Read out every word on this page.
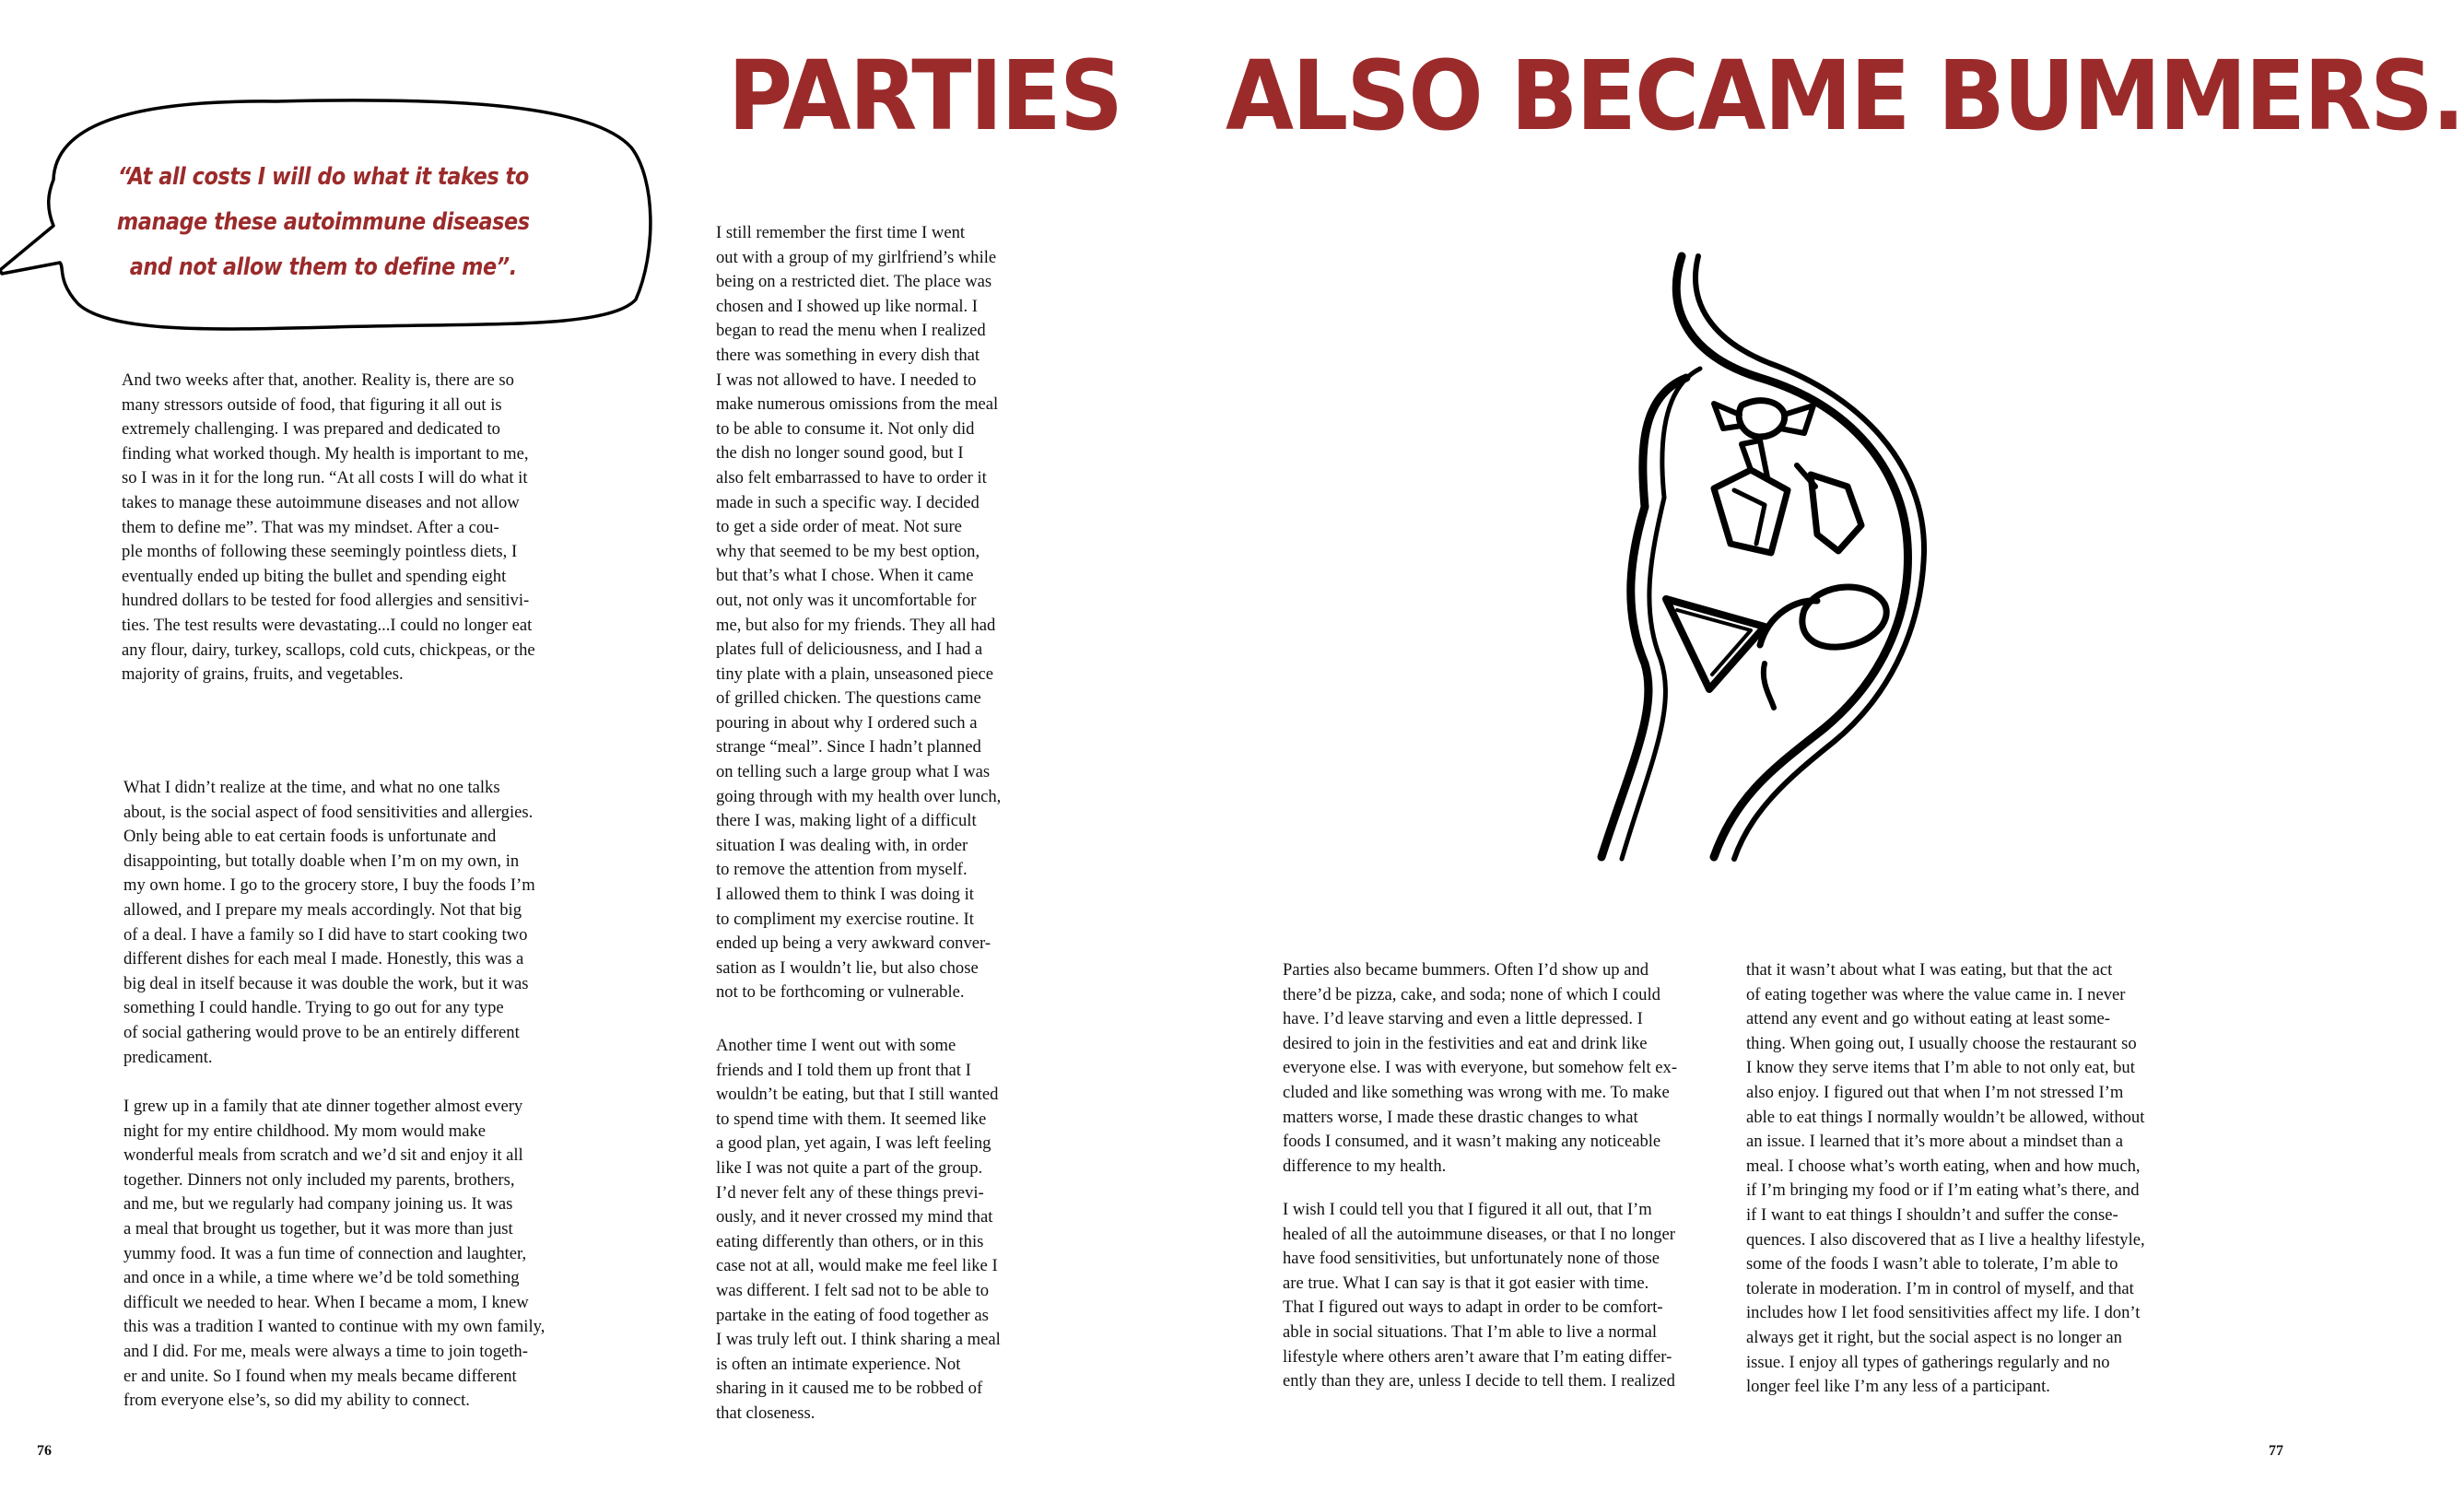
“At all costs I will do what it takes to manage these autoimmune diseases and not allow them to define me”.
PARTIES

And two weeks after that, another. Reality is, there are so
many stressors outside of food, that figuring it all out is
extremely challenging. I was prepared and dedicated to
finding what worked though. My health is important to me,
so I was in it for the long run. “At all costs I will do what it
takes to manage these autoimmune diseases and not allow
them to define me”. That was my mindset. After a cou-
ple months of following these seemingly pointless diets, I
eventually ended up biting the bullet and spending eight
hundred dollars to be tested for food allergies and sensitivi-
ties. The test results were devastating...I could no longer eat
any flour, dairy, turkey, scallops, cold cuts, chickpeas, or the
majority of grains, fruits, and vegetables.

What I didn’t realize at the time, and what no one talks
about, is the social aspect of food sensitivities and allergies.
Only being able to eat certain foods is unfortunate and
disappointing, but totally doable when I’m on my own, in
my own home. I go to the grocery store, I buy the foods I’m
allowed, and I prepare my meals accordingly. Not that big
of a deal. I have a family so I did have to start cooking two
different dishes for each meal I made. Honestly, this was a
big deal in itself because it was double the work, but it was
something I could handle. Trying to go out for any type
of social gathering would prove to be an entirely different
predicament.

I grew up in a family that ate dinner together almost every
night for my entire childhood. My mom would make
wonderful meals from scratch and we’d sit and enjoy it all
together. Dinners not only included my parents, brothers,
and me, but we regularly had company joining us. It was
a meal that brought us together, but it was more than just
yummy food. It was a fun time of connection and laughter,
and once in a while, a time where we’d be told something
difficult we needed to hear. When I became a mom, I knew
this was a tradition I wanted to continue with my own family,
and I did. For me, meals were always a time to join togeth-
er and unite. So I found when my meals became different
from everyone else’s, so did my ability to connect.

I still remember the first time I went
out with a group of my girlfriend’s while
being on a restricted diet. The place was
chosen and I showed up like normal. I
began to read the menu when I realized
there was something in every dish that
I was not allowed to have. I needed to
make numerous omissions from the meal
to be able to consume it. Not only did
the dish no longer sound good, but I
also felt embarrassed to have to order it
made in such a specific way. I decided
to get a side order of meat. Not sure
why that seemed to be my best option,
but that’s what I chose. When it came
out, not only was it uncomfortable for
me, but also for my friends. They all had
plates full of deliciousness, and I had a
tiny plate with a plain, unseasoned piece
of grilled chicken. The questions came
pouring in about why I ordered such a
strange “meal”. Since I hadn’t planned
on telling such a large group what I was
going through with my health over lunch,
there I was, making light of a difficult
situation I was dealing with, in order
to remove the attention from myself.
I allowed them to think I was doing it
to compliment my exercise routine. It
ended up being a very awkward conver-
sation as I wouldn’t lie, but also chose
not to be forthcoming or vulnerable.

Another time I went out with some
friends and I told them up front that I
wouldn’t be eating, but that I still wanted
to spend time with them. It seemed like
a good plan, yet again, I was left feeling
like I was not quite a part of the group.
I’d never felt any of these things previ-
ously, and it never crossed my mind that
eating differently than others, or in this
case not at all, would make me feel like I
was different. I felt sad not to be able to
partake in the eating of food together as
I was truly left out. I think sharing a meal
is often an intimate experience. Not
sharing in it caused me to be robbed of
that closeness.

76
ALSO BECAME BUMMERS.

Parties also became bummers. Often I’d show up and
there’d be pizza, cake, and soda; none of which I could
have. I’d leave starving and even a little depressed. I
desired to join in the festivities and eat and drink like
everyone else. I was with everyone, but somehow felt ex-
cluded and like something was wrong with me. To make
matters worse, I made these drastic changes to what
foods I consumed, and it wasn’t making any noticeable
difference to my health.

I wish I could tell you that I figured it all out, that I’m
healed of all the autoimmune diseases, or that I no longer
have food sensitivities, but unfortunately none of those
are true. What I can say is that it got easier with time.
That I figured out ways to adapt in order to be comfort-
able in social situations. That I’m able to live a normal
lifestyle where others aren’t aware that I’m eating differ-
ently than they are, unless I decide to tell them. I realized

that it wasn’t about what I was eating, but that the act
of eating together was where the value came in. I never
attend any event and go without eating at least some-
thing. When going out, I usually choose the restaurant so
I know they serve items that I’m able to not only eat, but
also enjoy. I figured out that when I’m not stressed I’m
able to eat things I normally wouldn’t be allowed, without
an issue. I learned that it’s more about a mindset than a
meal. I choose what’s worth eating, when and how much,
if I’m bringing my food or if I’m eating what’s there, and
if I want to eat things I shouldn’t and suffer the conse-
quences. I also discovered that as I live a healthy lifestyle,
some of the foods I wasn’t able to tolerate, I’m able to
tolerate in moderation. I’m in control of myself, and that
includes how I let food sensitivities affect my life. I don’t
always get it right, but the social aspect is no longer an
issue. I enjoy all types of gatherings regularly and no
longer feel like I’m any less of a participant.

77
